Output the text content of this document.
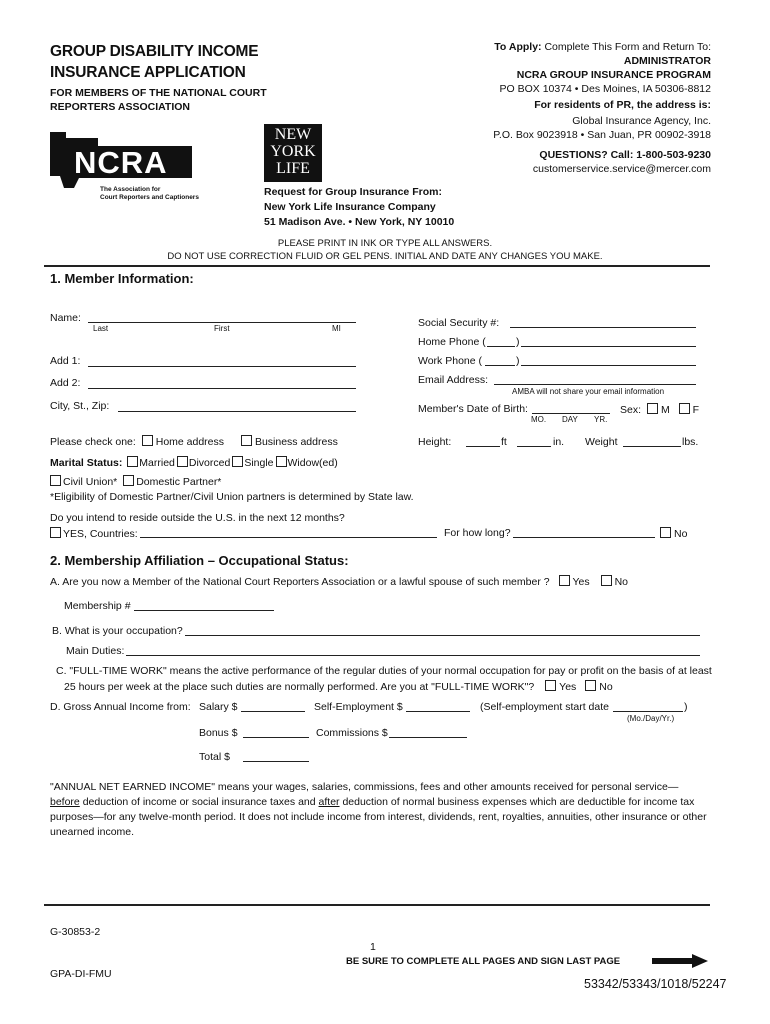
GROUP DISABILITY INCOME
INSURANCE APPLICATION
FOR MEMBERS OF THE NATIONAL COURT
REPORTERS ASSOCIATION
NCRA
The Association for
Court Reporters and Captioners
NEW
YORK
LIFE
Request for Group Insurance From:
New York Life Insurance Company
51 Madison Ave. • New York, NY 10010
To Apply: Complete This Form and Return To:
ADMINISTRATOR
NCRA GROUP INSURANCE PROGRAM
PO BOX 10374 • Des Moines, IA 50306-8812
For residents of PR, the address is:
Global Insurance Agency, Inc.
P.O. Box 9023918 • San Juan, PR 00902-3918
QUESTIONS? Call: 1-800-503-9230
customerservice.service@mercer.com
PLEASE PRINT IN INK OR TYPE ALL ANSWERS.
DO NOT USE CORRECTION FLUID OR GEL PENS. INITIAL AND DATE ANY CHANGES YOU MAKE.
1. Member Information:
Name:
Last	First	MI
Add 1:
Add 2:
City, St., Zip:
Social Security #:
Home Phone (	)
Work Phone (	)
Email Address:
AMBA will not share your email information
Member's Date of Birth:
MO. DAY YR.
Sex: M F
Please check one: Home address	Business address	Height:	ft	in. Weight	lbs.
Marital Status: Married Divorced Single Widow(ed)
Civil Union* Domestic Partner*
*Eligibility of Domestic Partner/Civil Union partners is determined by State law.
Do you intend to reside outside the U.S. in the next 12 months?
YES, Countries:	For how long?	No
2. Membership Affiliation – Occupational Status:
A. Are you now a Member of the National Court Reporters Association or a lawful spouse of such member ? Yes No
Membership #
B. What is your occupation?
Main Duties:
C. "FULL-TIME WORK" means the active performance of the regular duties of your normal occupation for pay or profit on the basis of at least
25 hours per week at the place such duties are normally performed. Are you at "FULL-TIME WORK"? Yes No
D. Gross Annual Income from: Salary $	Self-Employment $	(Self-employment start date	)
(Mo./Day/Yr.)
Bonus $	Commissions $
Total $
"ANNUAL NET EARNED INCOME" means your wages, salaries, commissions, fees and other amounts received for personal service—
before deduction of income or social insurance taxes and after deduction of normal business expenses which are deductible for income tax
purposes—for any twelve-month period. It does not include income from interest, dividends, rent, royalties, annuities, other insurance or other
unearned income.
G-30853-2
1
BE SURE TO COMPLETE ALL PAGES AND SIGN LAST PAGE
GPA-DI-FMU
53342/53343/1018/52247
